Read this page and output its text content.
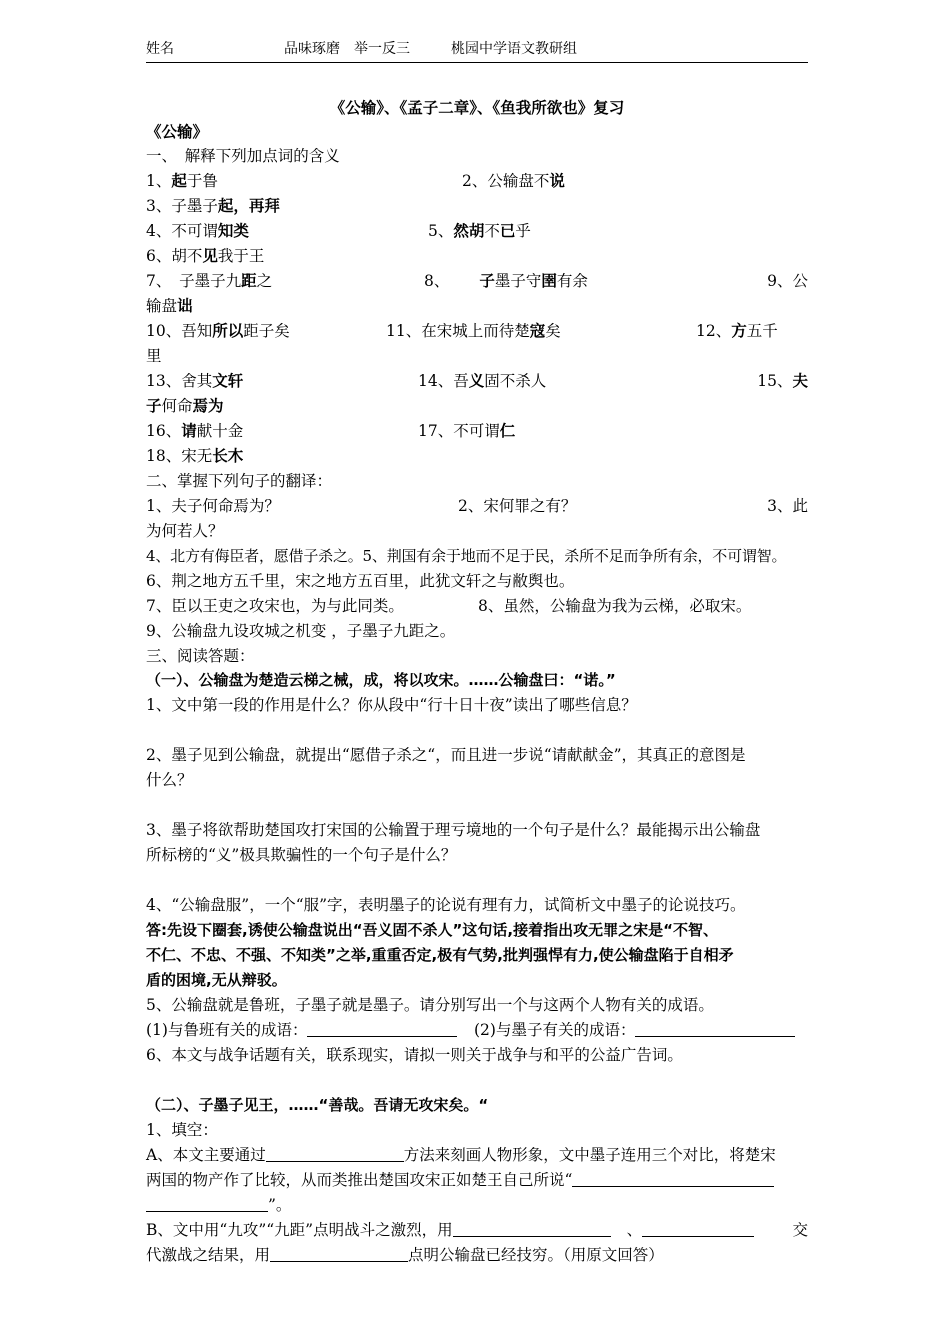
姓名	品味琢磨　举一反三	桃园中学语文教研组
《公输》、《孟子二章》、《鱼我所欲也》复习
《公输》
一、　解释下列加点词的含义
1、起于鲁	2、公输盘不说
3、子墨子起，再拜
4、不可谓知类	5、然胡不已乎
6、胡不见我于王
7、　子墨子九距之	8、 子墨子守圉有余	9、公
输盘诎
10、吾知所以距子矣	11、在宋城上而待楚寇矣	12、方五千
里
13、舍其文轩	14、吾义固不杀人	15、夫
子何命焉为
16、请献十金	17、不可谓仁
18、宋无长木
二、掌握下列句子的翻译：
1、夫子何命焉为？	2、宋何罪之有？	3、此
为何若人？
4、北方有侮臣者，愿借子杀之。5、荆国有余于地而不足于民，杀所不足而争所有余，不可谓智。
6、荆之地方五千里，宋之地方五百里，此犹文轩之与敝舆也。
7、臣以王吏之攻宋也，为与此同类。	8、虽然，公输盘为我为云梯，必取宋。
9、公输盘九设攻城之机变 ，子墨子九距之。
三、阅读答题：
（一）、公输盘为楚造云梯之械，成，将以攻宋。……公输盘曰：“诺。”
1、文中第一段的作用是什么？你从段中“行十日十夜”读出了哪些信息？
2、墨子见到公输盘，就提出“愿借子杀之“，而且进一步说“请献献金”，其真正的意图是
什么？
3、墨子将欲帮助楚国攻打宋国的公输置于理亏境地的一个句子是什么？最能揭示出公输盘
所标榜的“义”极具欺骗性的一个句子是什么？
4、“公输盘服”，一个“服”字，表明墨子的论说有理有力，试简析文中墨子的论说技巧。
答:先设下圈套,诱使公输盘说出“吾义固不杀人”这句话,接着指出攻无罪之宋是“不智、
不仁、不忠、不强、不知类”之举,重重否定,极有气势,批判强悍有力,使公输盘陷于自相矛
盾的困境,无从辩驳。
5、公输盘就是鲁班，子墨子就是墨子。请分别写出一个与这两个人物有关的成语。
(1)与鲁班有关的成语：	(2)与墨子有关的成语：
6、本文与战争话题有关，联系现实，请拟一则关于战争与和平的公益广告词。
（二）、子墨子见王，……“善哉。吾请无攻宋矣。“
1、填空：
A、本文主要通过	方法来刻画人物形象，文中墨子连用三个对比，将楚宋
两国的物产作了比较，从而类推出楚国攻宋正如楚王自己所说“
”。
B、文中用“九攻”“九距”点明战斗之激烈，用	、	交
代激战之结果，用	点明公输盘已经技穷。（用原文回答）
